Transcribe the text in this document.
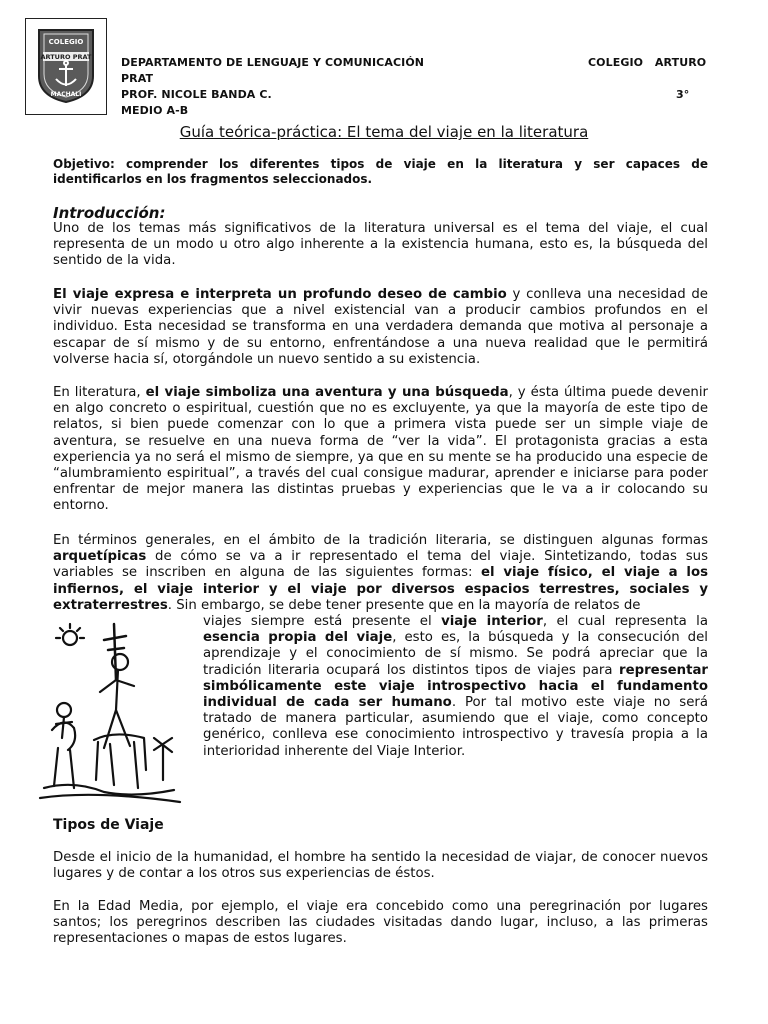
COLEGIO
ARTURO PRAT
MACHALI
DEPARTAMENTO DE LENGUAJE Y COMUNICACIÓN	COLEGIO   ARTURO
PRAT
PROF. NICOLE BANDA C.	3°
MEDIO A-B
Guía teórica-práctica: El tema del viaje en la literatura
Objetivo: comprender los diferentes tipos de viaje en la literatura y ser capaces de identificarlos en los fragmentos seleccionados.
Introducción:

Uno de los temas más significativos de la literatura universal es el tema del viaje, el cual representa de un modo u otro algo inherente a la existencia humana, esto es, la búsqueda del sentido de la vida.

El viaje expresa e interpreta un profundo deseo de cambio y conlleva una necesidad de vivir nuevas experiencias que a nivel existencial van a producir cambios profundos en el individuo. Esta necesidad se transforma en una verdadera demanda que motiva al personaje a escapar de sí mismo y de su entorno, enfrentándose a una nueva realidad que le permitirá volverse hacia sí, otorgándole un nuevo sentido a su existencia.

En literatura, el viaje simboliza una aventura y una búsqueda, y ésta última puede devenir en algo concreto o espiritual, cuestión que no es excluyente, ya que la mayoría de este tipo de relatos, si bien puede comenzar con lo que a primera vista puede ser un simple viaje de aventura, se resuelve en una nueva forma de “ver la vida”. El protagonista gracias a esta experiencia ya no será el mismo de siempre, ya que en su mente se ha producido una especie de “alumbramiento espiritual”, a través del cual consigue madurar, aprender e iniciarse para poder enfrentar de mejor manera las distintas pruebas y experiencias que le va a ir colocando su entorno.

En términos generales, en el ámbito de la tradición literaria, se distinguen algunas formas arquetípicas de cómo se va a ir representado el tema del viaje. Sintetizando, todas sus variables se inscriben en alguna de las siguientes formas: el viaje físico, el viaje a los infiernos, el viaje interior y el viaje por diversos espacios terrestres, sociales y extraterrestres. Sin embargo, se debe tener presente que en la mayoría de relatos de

viajes siempre está presente el viaje interior, el cual representa la esencia propia del viaje, esto es, la búsqueda y la consecución del aprendizaje y el conocimiento de sí mismo. Se podrá apreciar que la tradición literaria ocupará los distintos tipos de viajes para representar simbólicamente este viaje introspectivo hacia el fundamento individual de cada ser humano. Por tal motivo este viaje no será tratado de manera particular, asumiendo que el viaje, como concepto genérico, conlleva ese conocimiento introspectivo y travesía propia a la interioridad inherente del Viaje Interior.

Tipos de Viaje

Desde el inicio de la humanidad, el hombre ha sentido la necesidad de viajar, de conocer nuevos lugares y de contar a los otros sus experiencias de éstos.

En la Edad Media, por ejemplo, el viaje era concebido como una peregrinación por lugares santos; los peregrinos describen las ciudades visitadas dando lugar, incluso, a las primeras representaciones o mapas de estos lugares.
